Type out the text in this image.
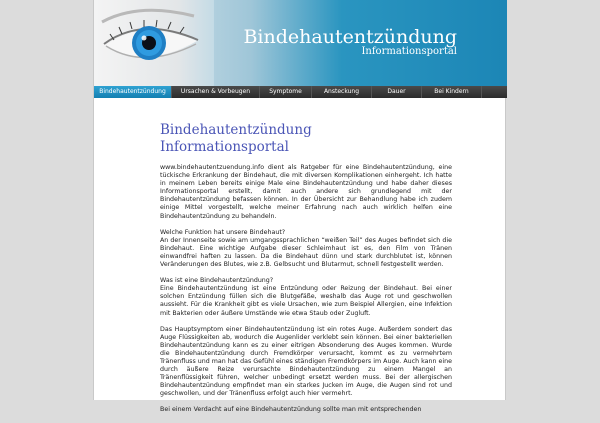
Bindehautentzündung
Informationsportal
Bindehautentzündung	Ursachen & Vorbeugen	Symptome	Ansteckung	Dauer	Bei Kindern
Bindehautentzündung
Informationsportal

www.bindehautentzuendung.info dient als Ratgeber für eine Bindehautentzündung, eine tückische Erkrankung der Bindehaut, die mit diversen Komplikationen einhergeht. Ich hatte in meinem Leben bereits einige Male eine Bindehautentzündung und habe daher dieses Informationsportal erstellt, damit auch andere sich grundlegend mit der Bindehautentzündung befassen können. In der Übersicht zur Behandlung habe ich zudem einige Mittel vorgestellt, welche meiner Erfahrung nach auch wirklich helfen eine Bindehautentzündung zu behandeln.

Welche Funktion hat unsere Bindehaut?
An der Innenseite sowie am umgangssprachlichen “weißen Teil” des Auges befindet sich die Bindehaut. Eine wichtige Aufgabe dieser Schleimhaut ist es, den Film von Tränen einwandfrei haften zu lassen. Da die Bindehaut dünn und stark durchblutet ist, können Veränderungen des Blutes, wie z.B. Gelbsucht und Blutarmut, schnell festgestellt werden.
Was ist eine Bindehautentzündung?
Eine Bindehautentzündung ist eine Entzündung oder Reizung der Bindehaut. Bei einer solchen Entzündung füllen sich die Blutgefäße, weshalb das Auge rot und geschwollen aussieht. Für die Krankheit gibt es viele Ursachen, wie zum Beispiel Allergien, eine Infektion mit Bakterien oder äußere Umstände wie etwa Staub oder Zugluft.

Das Hauptsymptom einer Bindehautentzündung ist ein rotes Auge. Außerdem sondert das Auge Flüssigkeiten ab, wodurch die Augenlider verklebt sein können. Bei einer bakteriellen Bindehautentzündung kann es zu einer eitrigen Absonderung des Auges kommen. Wurde die Bindehautentzündung durch Fremdkörper verursacht, kommt es zu vermehrtem Tränenfluss und man hat das Gefühl eines ständigen Fremdkörpers im Auge. Auch kann eine durch äußere Reize verursachte Bindehautentzündung zu einem Mangel an Tränenflüssigkeit führen, welcher unbedingt ersetzt werden muss. Bei der allergischen Bindehautentzündung empfindet man ein starkes Jucken im Auge, die Augen sind rot und geschwollen, und der Tränenfluss erfolgt auch hier vermehrt.

Bei einem Verdacht auf eine Bindehautentzündung sollte man mit entsprechenden
